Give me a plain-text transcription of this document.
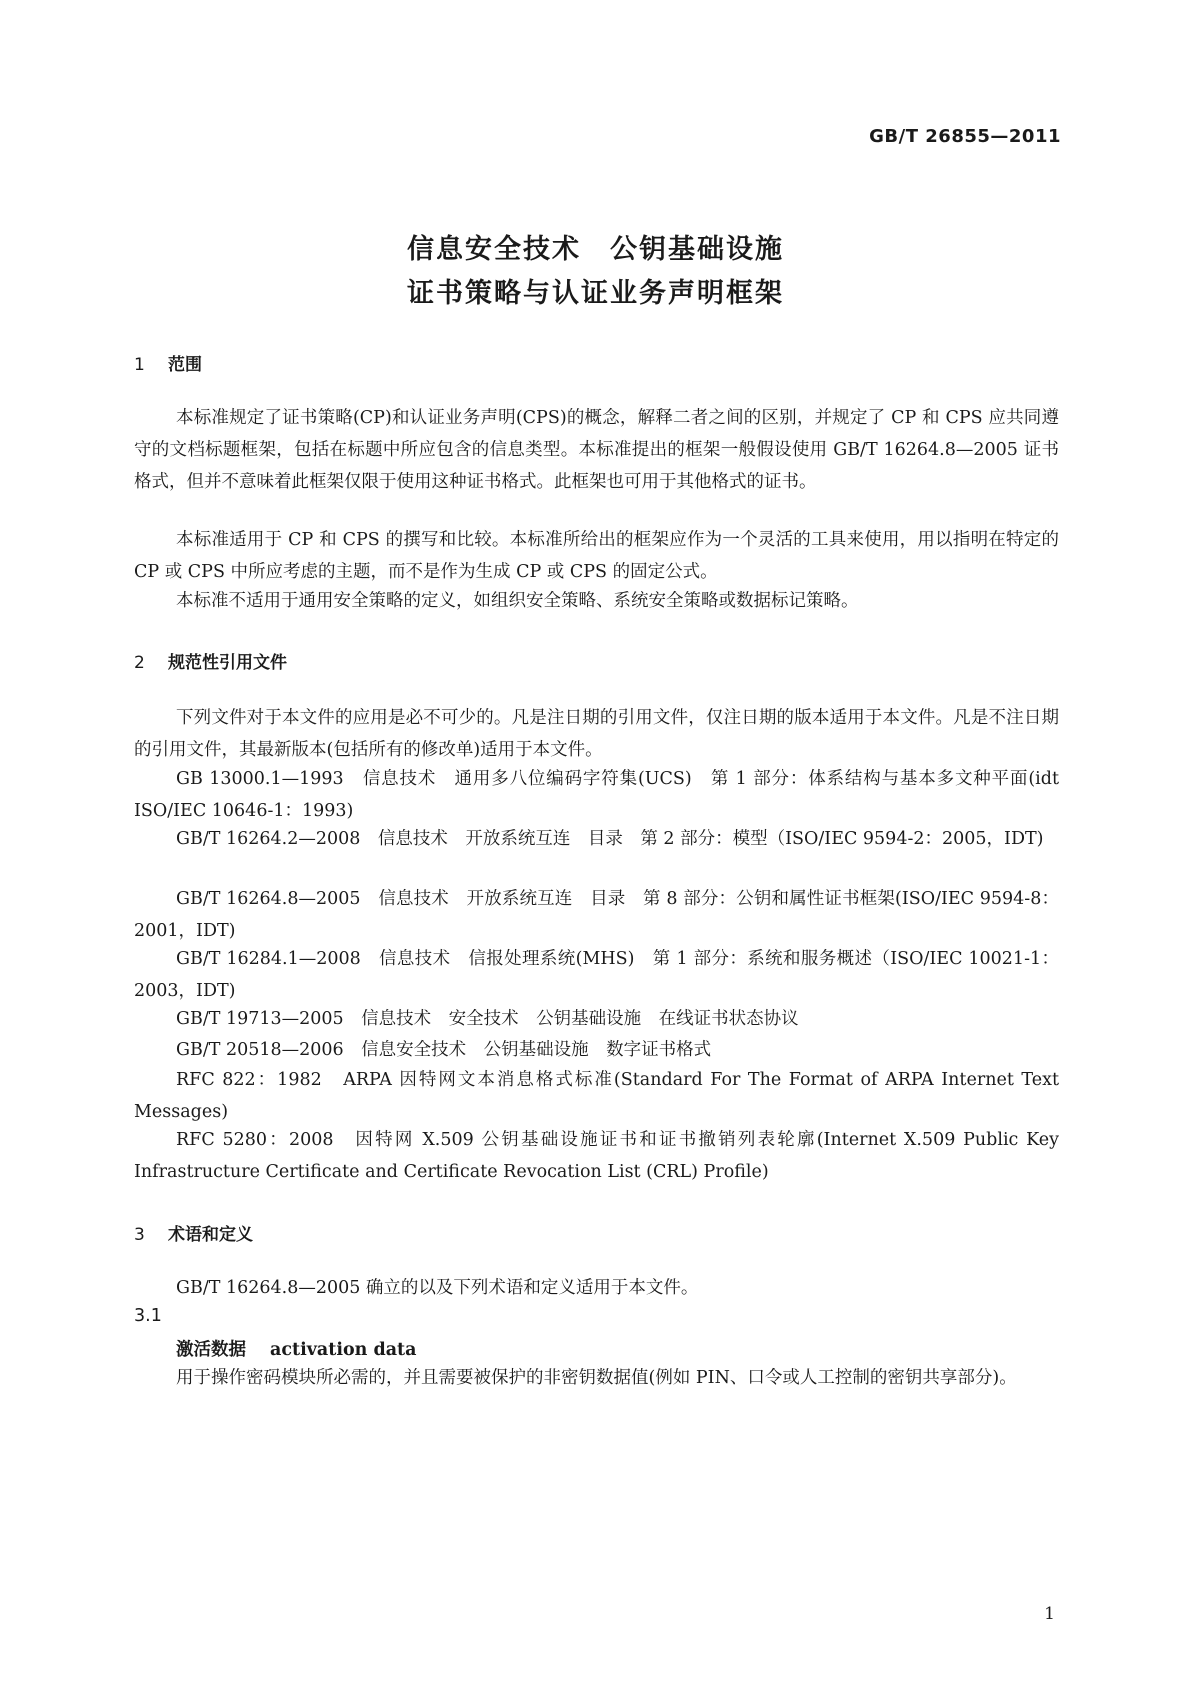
GB/T 26855—2011
信息安全技术　公钥基础设施
证书策略与认证业务声明框架
1 范围
本标准规定了证书策略(CP)和认证业务声明(CPS)的概念，解释二者之间的区别，并规定了 CP 和 CPS 应共同遵守的文档标题框架，包括在标题中所应包含的信息类型。本标准提出的框架一般假设使用 GB/T 16264.8—2005 证书格式，但并不意味着此框架仅限于使用这种证书格式。此框架也可用于其他格式的证书。
本标准适用于 CP 和 CPS 的撰写和比较。本标准所给出的框架应作为一个灵活的工具来使用，用以指明在特定的 CP 或 CPS 中所应考虑的主题，而不是作为生成 CP 或 CPS 的固定公式。
本标准不适用于通用安全策略的定义，如组织安全策略、系统安全策略或数据标记策略。
2 规范性引用文件
下列文件对于本文件的应用是必不可少的。凡是注日期的引用文件，仅注日期的版本适用于本文件。凡是不注日期的引用文件，其最新版本(包括所有的修改单)适用于本文件。
GB 13000.1—1993　信息技术　通用多八位编码字符集(UCS)　第 1 部分：体系结构与基本多文种平面(idt ISO/IEC 10646-1：1993)
GB/T 16264.2—2008　信息技术　开放系统互连　目录　第 2 部分：模型（ISO/IEC 9594-2：2005，IDT)
GB/T 16264.8—2005　信息技术　开放系统互连　目录　第 8 部分：公钥和属性证书框架(ISO/IEC 9594-8：2001，IDT)
GB/T 16284.1—2008　信息技术　信报处理系统(MHS)　第 1 部分：系统和服务概述（ISO/IEC 10021-1：2003，IDT)
GB/T 19713—2005　信息技术　安全技术　公钥基础设施　在线证书状态协议
GB/T 20518—2006　信息安全技术　公钥基础设施　数字证书格式
RFC 822：1982　ARPA 因特网文本消息格式标准(Standard For The Format of ARPA Internet Text Messages)
RFC 5280：2008　因特网 X.509 公钥基础设施证书和证书撤销列表轮廓(Internet X.509 Public Key Infrastructure Certificate and Certificate Revocation List (CRL) Profile)
3 术语和定义
GB/T 16264.8—2005 确立的以及下列术语和定义适用于本文件。
3.1
激活数据 activation data
用于操作密码模块所必需的，并且需要被保护的非密钥数据值(例如 PIN、口令或人工控制的密钥共享部分)。
1
